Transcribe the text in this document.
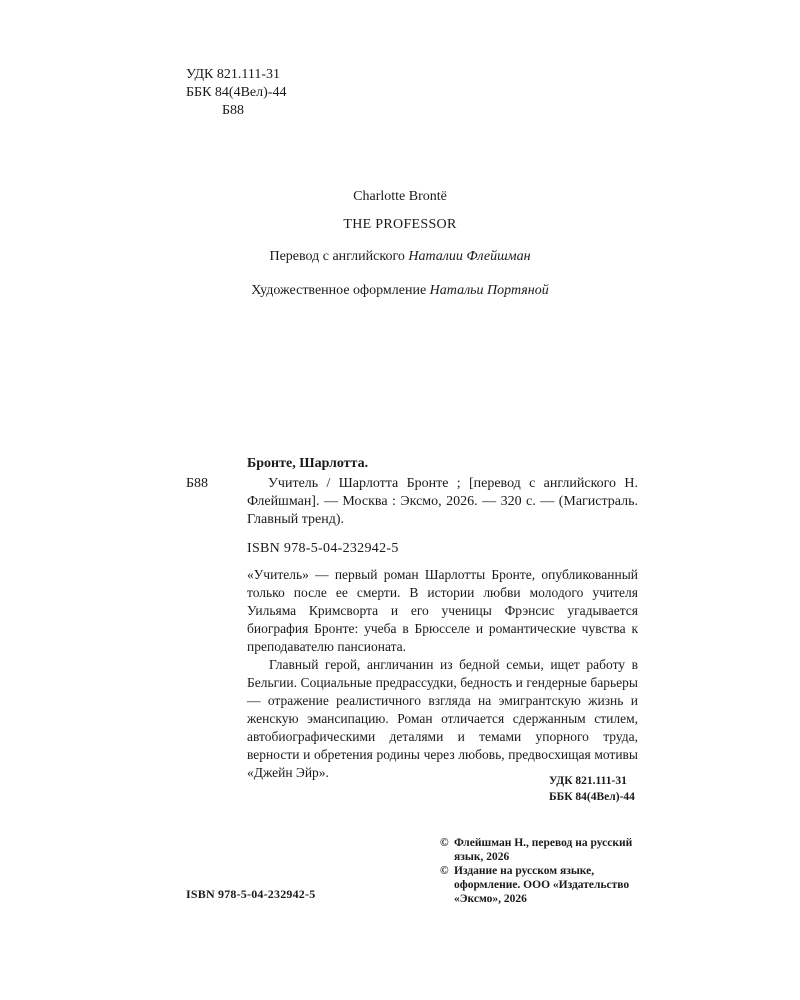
УДК 821.111-31
ББК 84(4Вел)-44
Б88
Charlotte Brontё
THE PROFESSOR
Перевод с английского Наталии Флейшман
Художественное оформление Натальи Портяной
Бронте, Шарлотта.
Б88	Учитель / Шарлотта Бронте ; [перевод с английского Н. Флейшман]. — Москва : Эксмо, 2026. — 320 с. — (Магистраль. Главный тренд).
ISBN 978-5-04-232942-5

«Учитель» — первый роман Шарлотты Бронте, опубликованный только после ее смерти. В истории любви молодого учителя Уильяма Кримсворта и его ученицы Фрэнсис угадывается биография Бронте: учеба в Брюсселе и романтические чувства к преподавателю пансионата.

Главный герой, англичанин из бедной семьи, ищет работу в Бельгии. Социальные предрассудки, бедность и гендерные барьеры — отражение реалистичного взгляда на эмигрантскую жизнь и женскую эмансипацию. Роман отличается сдержанным стилем, автобиографическими деталями и темами упорного труда, верности и обретения родины через любовь, предвосхищая мотивы «Джейн Эйр».

УДК 821.111-31
ББК 84(4Вел)-44
© Флейшман Н., перевод на русский язык, 2026
© Издание на русском языке, оформление. ООО «Издательство «Эксмо», 2026
ISBN 978-5-04-232942-5
